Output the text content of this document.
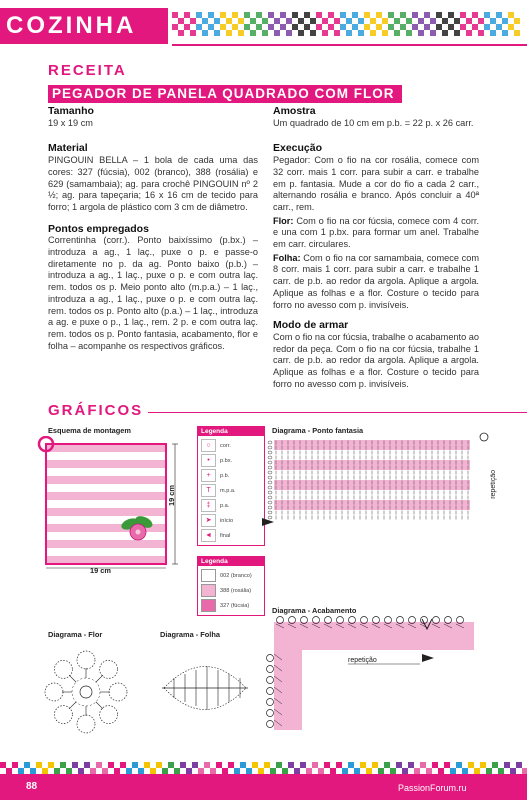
COZINHA
RECEITA
PEGADOR DE PANELA QUADRADO COM FLOR
Tamanho

19 x 19 cm

Material

PINGOUIN BELLA – 1 bola de cada uma das cores: 327 (fúcsia), 002 (branco), 388 (rosália) e 629 (samambaia); ag. para crochê PINGOUIN nº 2 ½; ag. para tapeçaria; 16 x 16 cm de tecido para forro; 1 argola de plástico com 3 cm de diâmetro.

Pontos empregados

Correntinha (corr.). Ponto baixíssimo (p.bx.) – introduza a ag., 1 laç., puxe o p. e passe-o diretamente no p. da ag. Ponto baixo (p.b.) – introduza a ag., 1 laç., puxe o p. e com outra laç. rem. todos os p. Meio ponto alto (m.p.a.) – 1 laç., introduza a ag., 1 laç., puxe o p. e com outra laç. rem. todos os p. Ponto alto (p.a.) – 1 laç., introduza a ag. e puxe o p., 1 laç., rem. 2 p. e com outra laç. rem. todos os p. Ponto fantasia, acabamento, flor e folha – acompanhe os respectivos gráficos.

Amostra

Um quadrado de 10 cm em p.b. = 22 p. x 26 carr.

Execução

Pegador: Com o fio na cor rosália, comece com 32 corr. mais 1 corr. para subir a carr. e trabalhe em p. fantasia. Mude a cor do fio a cada 2 carr., alternando rosália e branco. Após concluir a 40ª carr., rem.

Flor: Com o fio na cor fúcsia, comece com 4 corr. e una com 1 p.bx. para formar um anel. Trabalhe em carr. circulares.

Folha: Com o fio na cor samambaia, comece com 8 corr. mais 1 corr. para subir a carr. e trabalhe 1 carr. de p.b. ao redor da argola. Aplique a argola. Aplique as folhas e a flor. Costure o tecido para forro no avesso com p. invisíveis.

Modo de armar

Com o fio na cor fúcsia, trabalhe o acabamento ao redor da peça. Com o fio na cor fúcsia, trabalhe 1 carr. de p.b. ao redor da argola. Aplique a argola. Aplique as folhas e a flor. Costure o tecido para forro no avesso com p. invisíveis.

GRÁFICOS
Esquema de montagem
19 cm
19 cm
Legenda
○ corr.
• p.bx.
+ p.b.
T m.p.a.
‡ p.a.
➤ início
◄ final
Legenda
002 (branco)
388 (rosália)
327 (fúcsia)
Diagrama - Ponto fantasia
repetição
Diagrama - Acabamento
repetição
Diagrama - Flor	Diagrama - Folha
88	PassionForum.ru
